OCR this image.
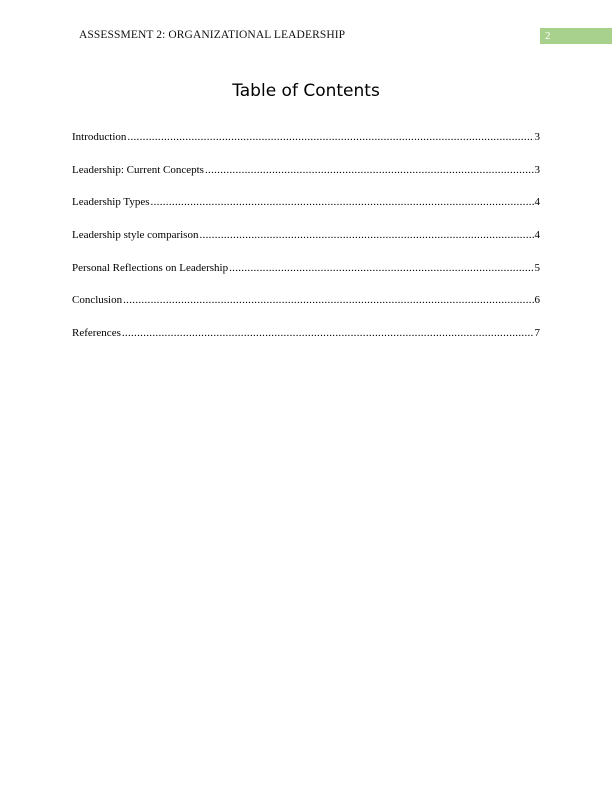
ASSESSMENT 2: ORGANIZATIONAL LEADERSHIP	2
Table of Contents
Introduction .....	3
Leadership: Current Concepts .....	3
Leadership Types .....	4
Leadership style comparison .....	4
Personal Reflections on Leadership .....	5
Conclusion .....	6
References .....	7
